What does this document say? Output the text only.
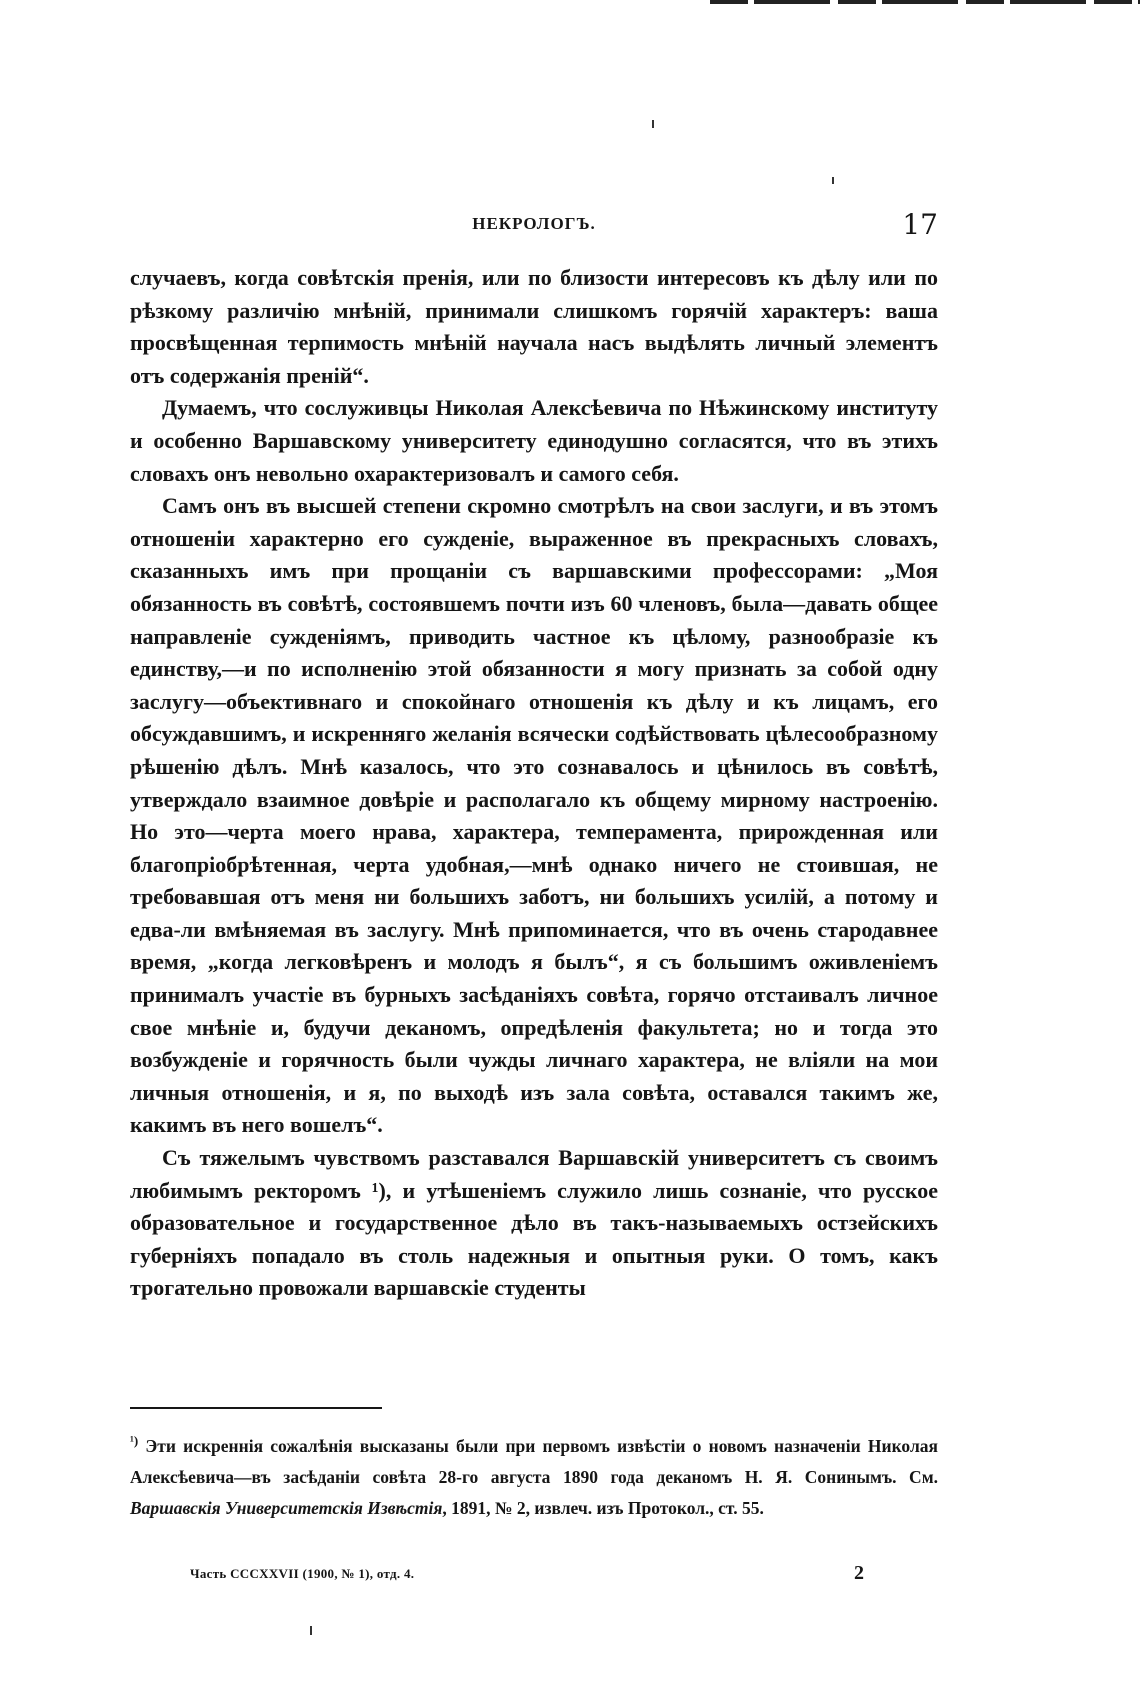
НЕКРОЛОГЪ.	17

случаевъ, когда совѣтскія пренія, или по близости интересовъ къ дѣлу или по рѣзкому различію мнѣній, принимали слишкомъ горячій характеръ: ваша просвѣщенная терпимость мнѣній научала насъ выдѣлять личный элементъ отъ содержанія преній“.

Думаемъ, что сослуживцы Николая Алексѣевича по Нѣжинскому институту и особенно Варшавскому университету единодушно согласятся, что въ этихъ словахъ онъ невольно охарактеризовалъ и самого себя.

Самъ онъ въ высшей степени скромно смотрѣлъ на свои заслуги, и въ этомъ отношеніи характерно его сужденіе, выраженное въ прекрасныхъ словахъ, сказанныхъ имъ при прощаніи съ варшавскими профессорами: „Моя обязанность въ совѣтѣ, состоявшемъ почти изъ 60 членовъ, была—давать общее направленіе сужденіямъ, приводить частное къ цѣлому, разнообразіе къ единству,—и по исполненію этой обязанности я могу признать за собой одну заслугу—объективнаго и спокойнаго отношенія къ дѣлу и къ лицамъ, его обсуждавшимъ, и искренняго желанія всячески содѣйствовать цѣлесообразному рѣшенію дѣлъ. Мнѣ казалось, что это сознавалось и цѣнилось въ совѣтѣ, утверждало взаимное довѣріе и располагало къ общему мирному настроенію. Но это—черта моего нрава, характера, темперамента, прирожденная или благопріобрѣтенная, черта удобная,—мнѣ однако ничего не стоившая, не требовавшая отъ меня ни большихъ заботъ, ни большихъ усилій, а потому и едва-ли вмѣняемая въ заслугу. Мнѣ припоминается, что въ очень стародавнее время, „когда легковѣренъ и молодъ я былъ“, я съ большимъ оживленіемъ принималъ участіе въ бурныхъ засѣданіяхъ совѣта, горячо отстаивалъ личное свое мнѣніе и, будучи деканомъ, опредѣленія факультета; но и тогда это возбужденіе и горячность были чужды личнаго характера, не вліяли на мои личныя отношенія, и я, по выходѣ изъ зала совѣта, оставался такимъ же, какимъ въ него вошелъ“.

Съ тяжелымъ чувствомъ разставался Варшавскій университетъ съ своимъ любимымъ ректоромъ ¹), и утѣшеніемъ служило лишь сознаніе, что русское образовательное и государственное дѣло въ такъ-называемыхъ остзейскихъ губерніяхъ попадало въ столь надежныя и опытныя руки. О томъ, какъ трогательно провожали варшавскіе студенты

$^{^1)}$ Эти искреннія сожалѣнія высказаны были при первомъ извѣстіи о новомъ назначеніи Николая Алексѣевича—въ засѣданіи совѣта 28-го августа 1890 года деканомъ Н. Я. Сонинымъ. См. Варшавскія Университетскія Извѣстія, 1891, № 2, извлеч. изъ Протокол., ст. 55.
Часть CCCXXVII (1900, № 1), отд. 4.	2
